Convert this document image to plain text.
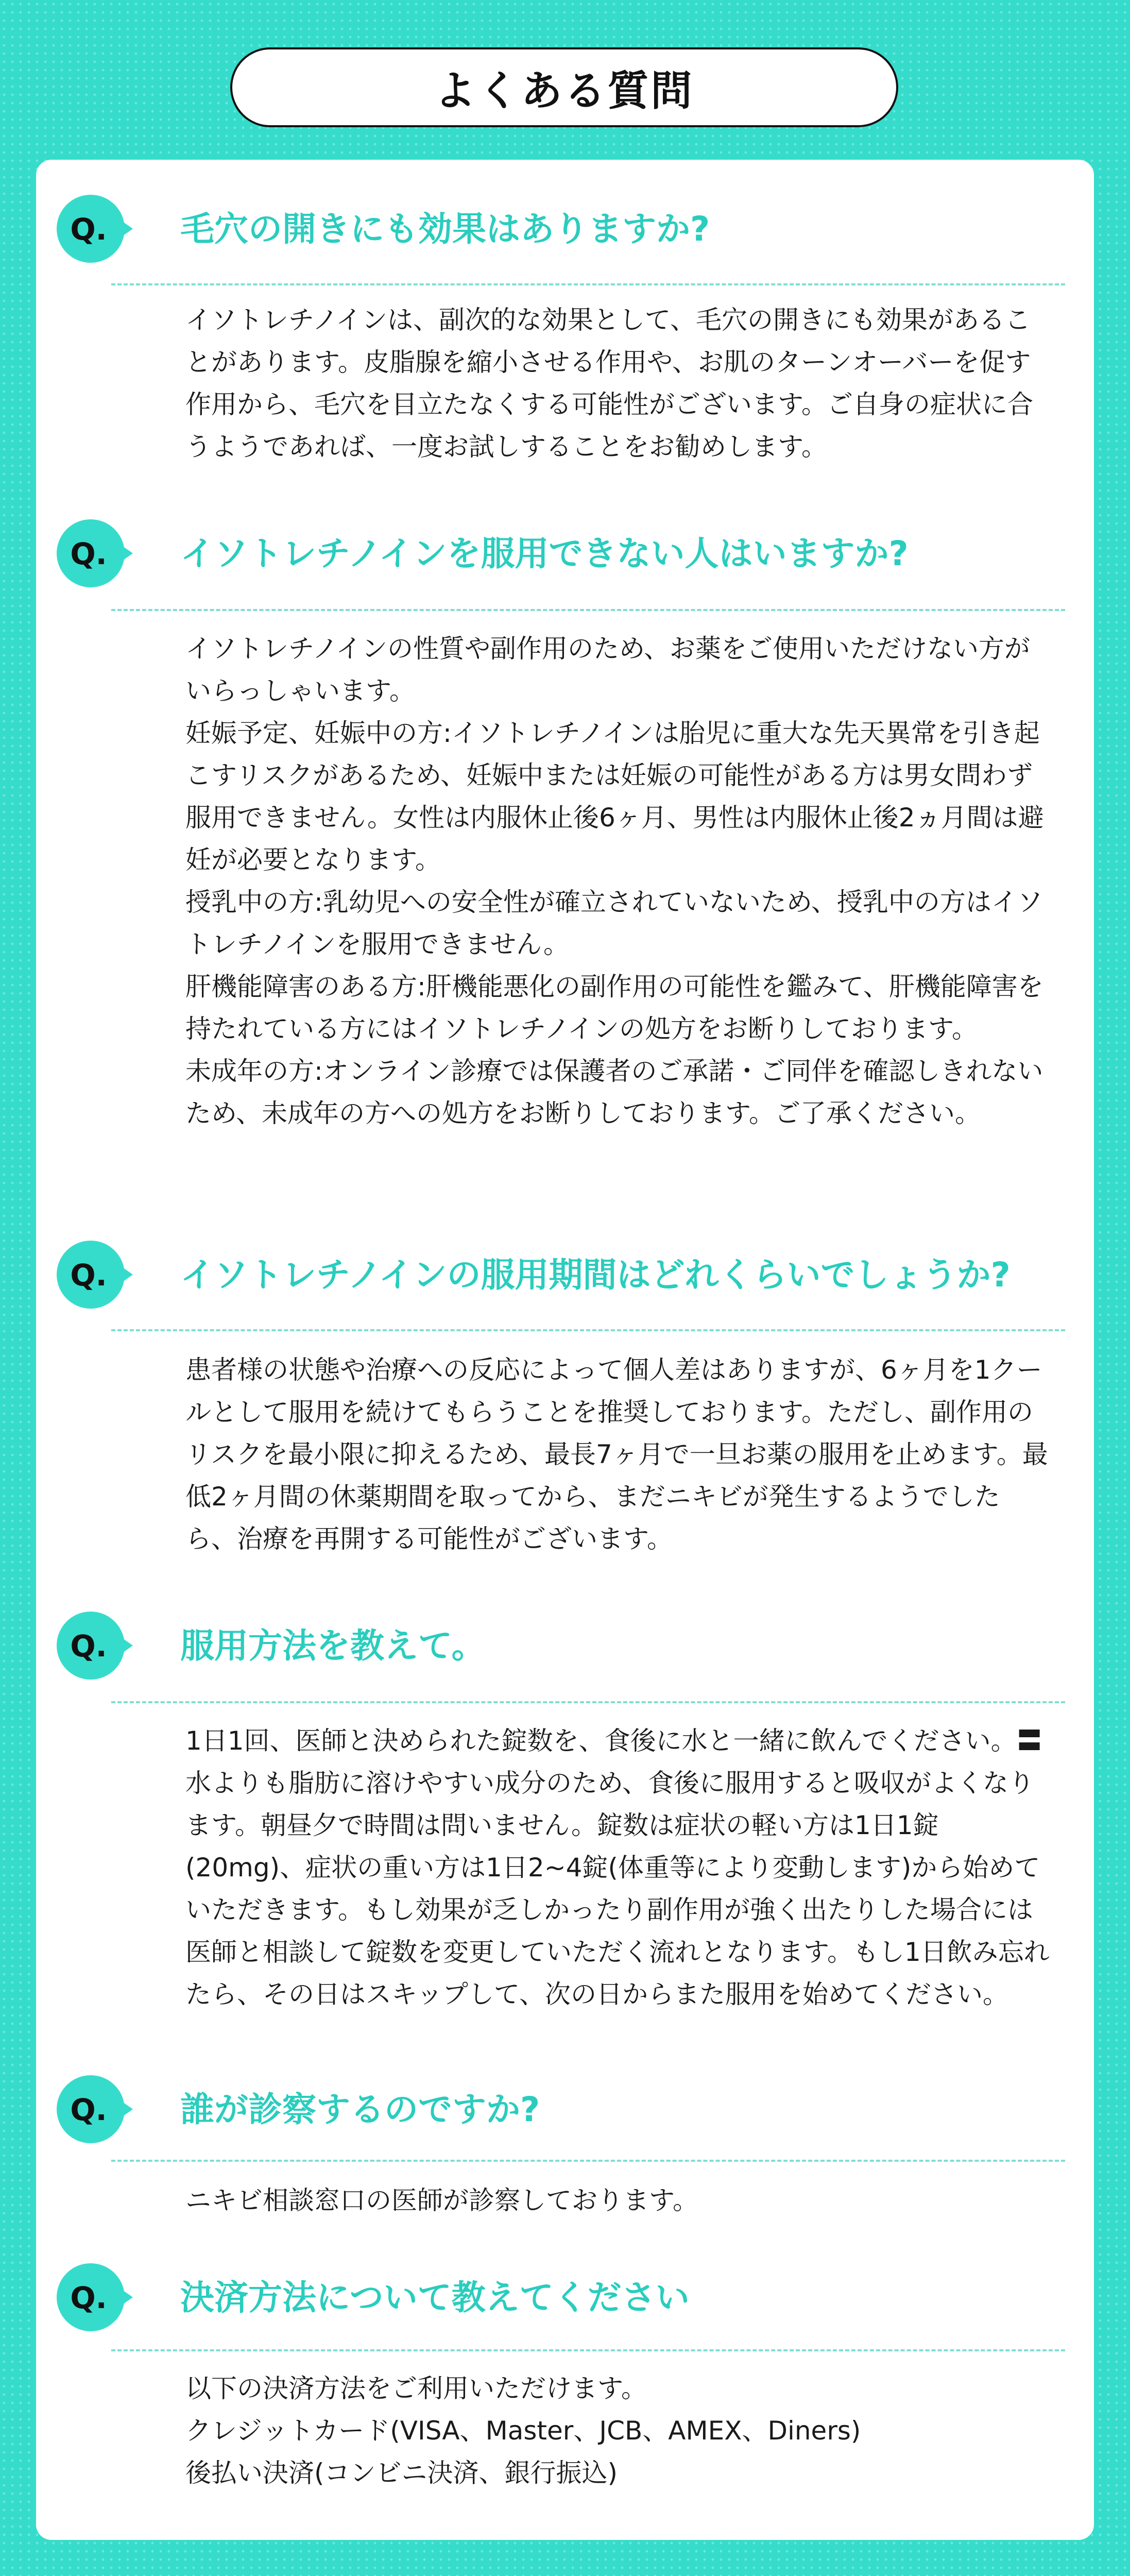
よくある質問
Q. 毛穴の開きにも効果はありますか?

イソトレチノインは、副次的な効果として、毛穴の開きにも効果があることがあります。皮脂腺を縮小させる作用や、お肌のターンオーバーを促す作用から、毛穴を目立たなくする可能性がございます。ご自身の症状に合うようであれば、一度お試しすることをお勧めします。

Q. イソトレチノインを服用できない人はいますか?

イソトレチノインの性質や副作用のため、お薬をご使用いただけない方がいらっしゃいます。

妊娠予定、妊娠中の方:イソトレチノインは胎児に重大な先天異常を引き起こすリスクがあるため、妊娠中または妊娠の可能性がある方は男女問わず服用できません。女性は内服休止後6ヶ月、男性は内服休止後2ヵ月間は避妊が必要となります。

授乳中の方:乳幼児への安全性が確立されていないため、授乳中の方はイソトレチノインを服用できません。

肝機能障害のある方:肝機能悪化の副作用の可能性を鑑みて、肝機能障害を持たれている方にはイソトレチノインの処方をお断りしております。

未成年の方:オンライン診療では保護者のご承諾・ご同伴を確認しきれないため、未成年の方への処方をお断りしております。ご了承ください。

Q. イソトレチノインの服用期間はどれくらいでしょうか?

患者様の状態や治療への反応によって個人差はありますが、6ヶ月を1クールとして服用を続けてもらうことを推奨しております。ただし、副作用のリスクを最小限に抑えるため、最長7ヶ月で一旦お薬の服用を止めます。最低2ヶ月間の休薬期間を取ってから、まだニキビが発生するようでしたら、治療を再開する可能性がございます。

Q. 服用方法を教えて。

1日1回、医師と決められた錠数を、食後に水と一緒に飲んでください。〓水よりも脂肪に溶けやすい成分のため、食後に服用すると吸収がよくなります。朝昼夕で時間は問いません。錠数は症状の軽い方は1日1錠(20mg)、症状の重い方は1日2~4錠(体重等により変動します)から始めていただきます。もし効果が乏しかったり副作用が強く出たりした場合には医師と相談して錠数を変更していただく流れとなります。もし1日飲み忘れたら、その日はスキップして、次の日からまた服用を始めてください。

Q. 誰が診察するのですか?

ニキビ相談窓口の医師が診察しております。

Q. 決済方法について教えてください

以下の決済方法をご利用いただけます。

クレジットカード(VISA、Master、JCB、AMEX、Diners)

後払い決済(コンビニ決済、銀行振込)
